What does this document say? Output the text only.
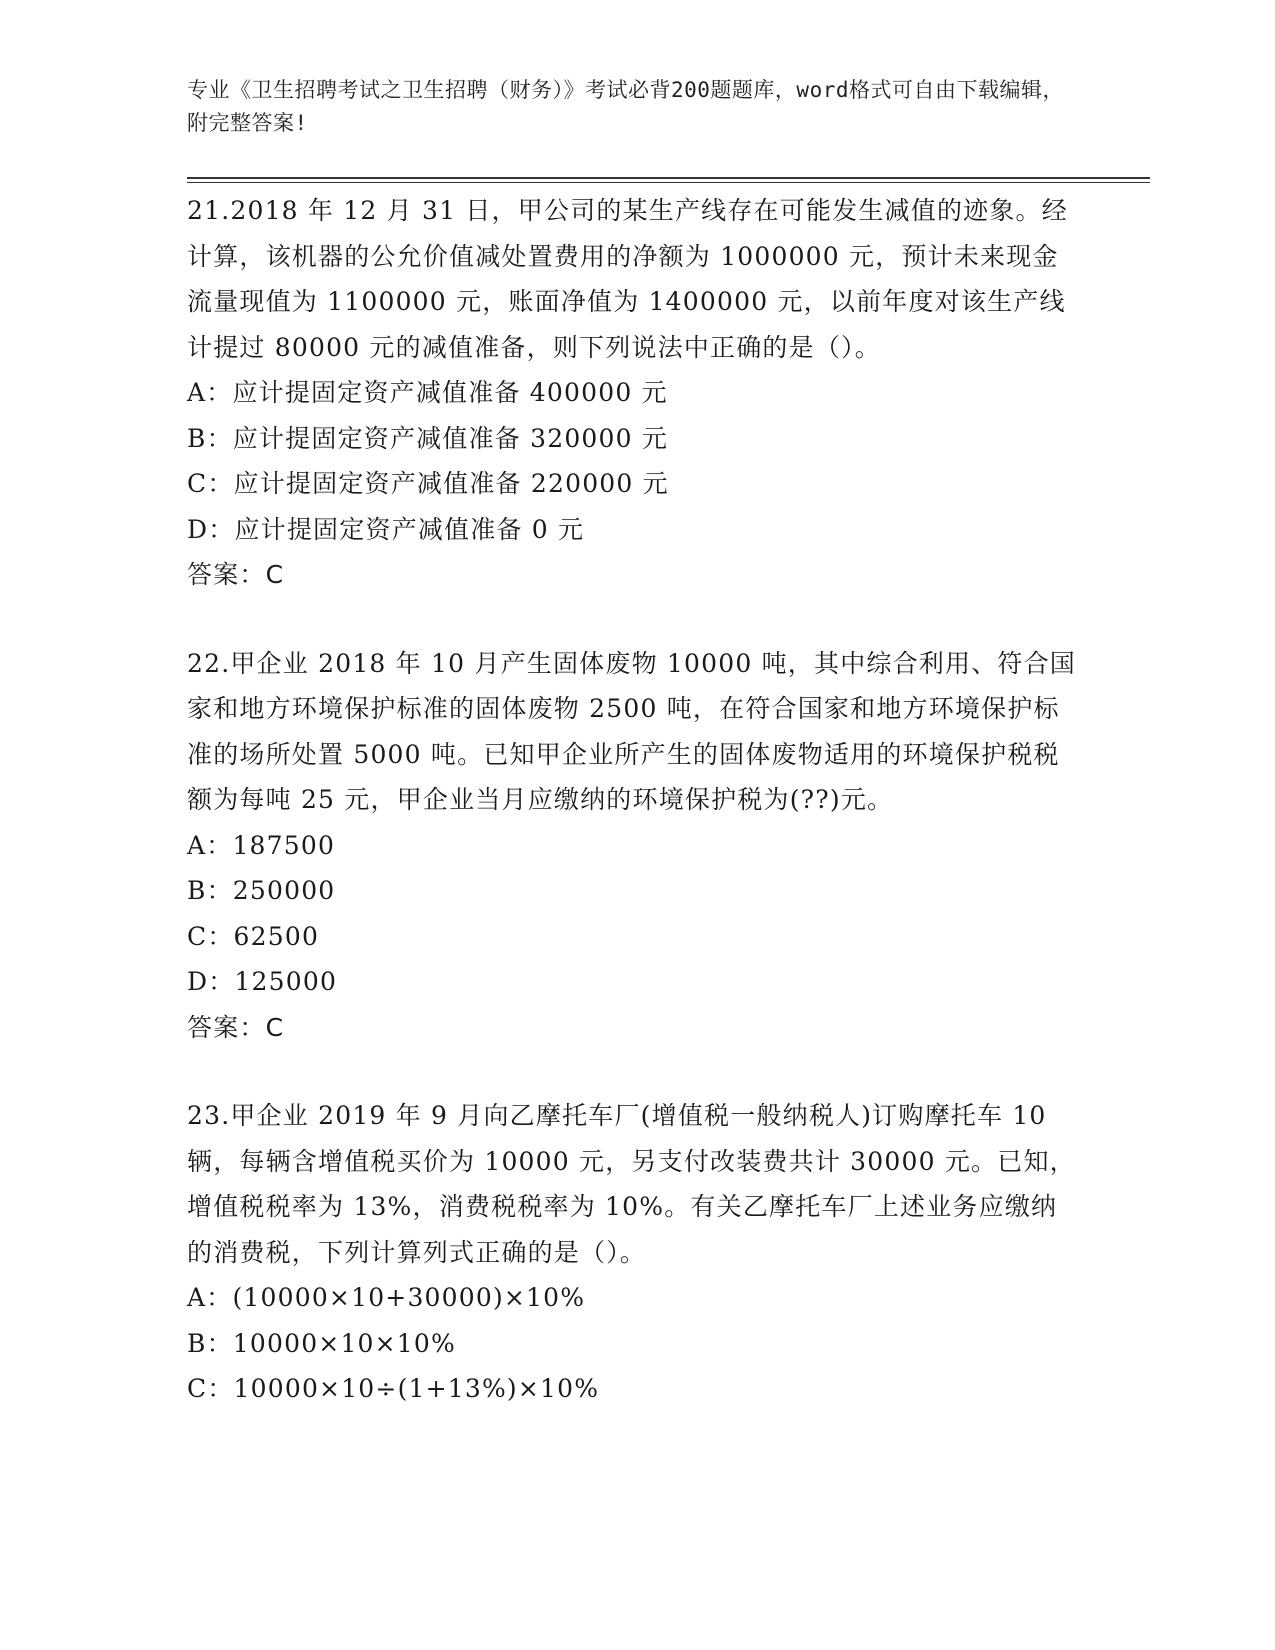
专业《卫生招聘考试之卫生招聘（财务）》考试必背200题题库，word格式可自由下载编辑，附完整答案!

21.2018 年 12 月 31 日，甲公司的某生产线存在可能发生减值的迹象。经计算，该机器的公允价值减处置费用的净额为 1000000 元，预计未来现金流量现值为 1100000 元，账面净值为 1400000 元，以前年度对该生产线计提过 80000 元的减值准备，则下列说法中正确的是（）。

A：应计提固定资产减值准备 400000 元

B：应计提固定资产减值准备 320000 元

C：应计提固定资产减值准备 220000 元

D：应计提固定资产减值准备 0 元

答案：C

22.甲企业 2018 年 10 月产生固体废物 10000 吨，其中综合利用、符合国家和地方环境保护标准的固体废物 2500 吨，在符合国家和地方环境保护标准的场所处置 5000 吨。已知甲企业所产生的固体废物适用的环境保护税税额为每吨 25 元，甲企业当月应缴纳的环境保护税为(??)元。

A：187500

B：250000

C：62500

D：125000

答案：C

23.甲企业 2019 年 9 月向乙摩托车厂(增值税一般纳税人)订购摩托车 10 辆，每辆含增值税买价为 10000 元，另支付改装费共计 30000 元。已知，增值税税率为 13%，消费税税率为 10%。有关乙摩托车厂上述业务应缴纳的消费税，下列计算列式正确的是（）。

A：(10000×10+30000)×10%

B：10000×10×10%

C：10000×10÷(1+13%)×10%
